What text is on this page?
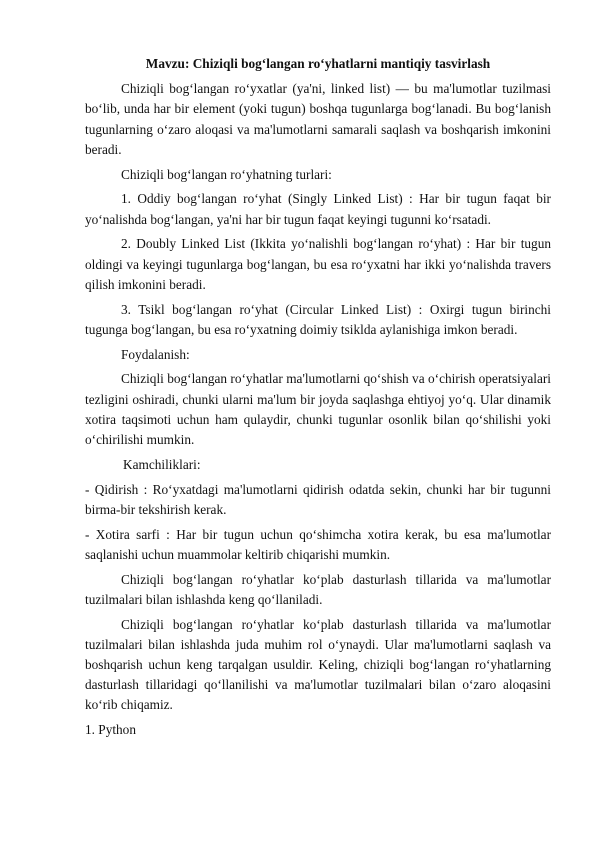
Mavzu: Chiziqli bog‘langan ro‘yhatlarni mantiqiy tasvirlash

Chiziqli bog‘langan ro‘yxatlar (ya'ni, linked list) — bu ma'lumotlar tuzilmasi bo‘lib, unda har bir element (yoki tugun) boshqa tugunlarga bog‘lanadi. Bu bog‘lanish tugunlarning o‘zaro aloqasi va ma'lumotlarni samarali saqlash va boshqarish imkonini beradi.

Chiziqli bog‘langan ro‘yhatning turlari:

1. Oddiy bog‘langan ro‘yhat (Singly Linked List) : Har bir tugun faqat bir yo‘nalishda bog‘langan, ya'ni har bir tugun faqat keyingi tugunni ko‘rsatadi.

2. Doubly Linked List (Ikkita yo‘nalishli bog‘langan ro‘yhat) : Har bir tugun oldingi va keyingi tugunlarga bog‘langan, bu esa ro‘yxatni har ikki yo‘nalishda travers qilish imkonini beradi.

3. Tsikl bog‘langan ro‘yhat (Circular Linked List) : Oxirgi tugun birinchi tugunga bog‘langan, bu esa ro‘yxatning doimiy tsiklda aylanishiga imkon beradi.

Foydalanish:

Chiziqli bog‘langan ro‘yhatlar ma'lumotlarni qo‘shish va o‘chirish operatsiyalari tezligini oshiradi, chunki ularni ma'lum bir joyda saqlashga ehtiyoj yo‘q. Ular dinamik xotira taqsimoti uchun ham qulaydir, chunki tugunlar osonlik bilan qo‘shilishi yoki o‘chirilishi mumkin.

Kamchiliklari:

- Qidirish : Ro‘yxatdagi ma'lumotlarni qidirish odatda sekin, chunki har bir tugunni birma-bir tekshirish kerak.

- Xotira sarfi : Har bir tugun uchun qo‘shimcha xotira kerak, bu esa ma'lumotlar saqlanishi uchun muammolar keltirib chiqarishi mumkin.

Chiziqli bog‘langan ro‘yhatlar ko‘plab dasturlash tillarida va ma'lumotlar tuzilmalari bilan ishlashda keng qo‘llaniladi.

Chiziqli bog‘langan ro‘yhatlar ko‘plab dasturlash tillarida va ma'lumotlar tuzilmalari bilan ishlashda juda muhim rol o‘ynaydi. Ular ma'lumotlarni saqlash va boshqarish uchun keng tarqalgan usuldir. Keling, chiziqli bog‘langan ro‘yhatlarning dasturlash tillaridagi qo‘llanilishi va ma'lumotlar tuzilmalari bilan o‘zaro aloqasini ko‘rib chiqamiz.

1. Python
